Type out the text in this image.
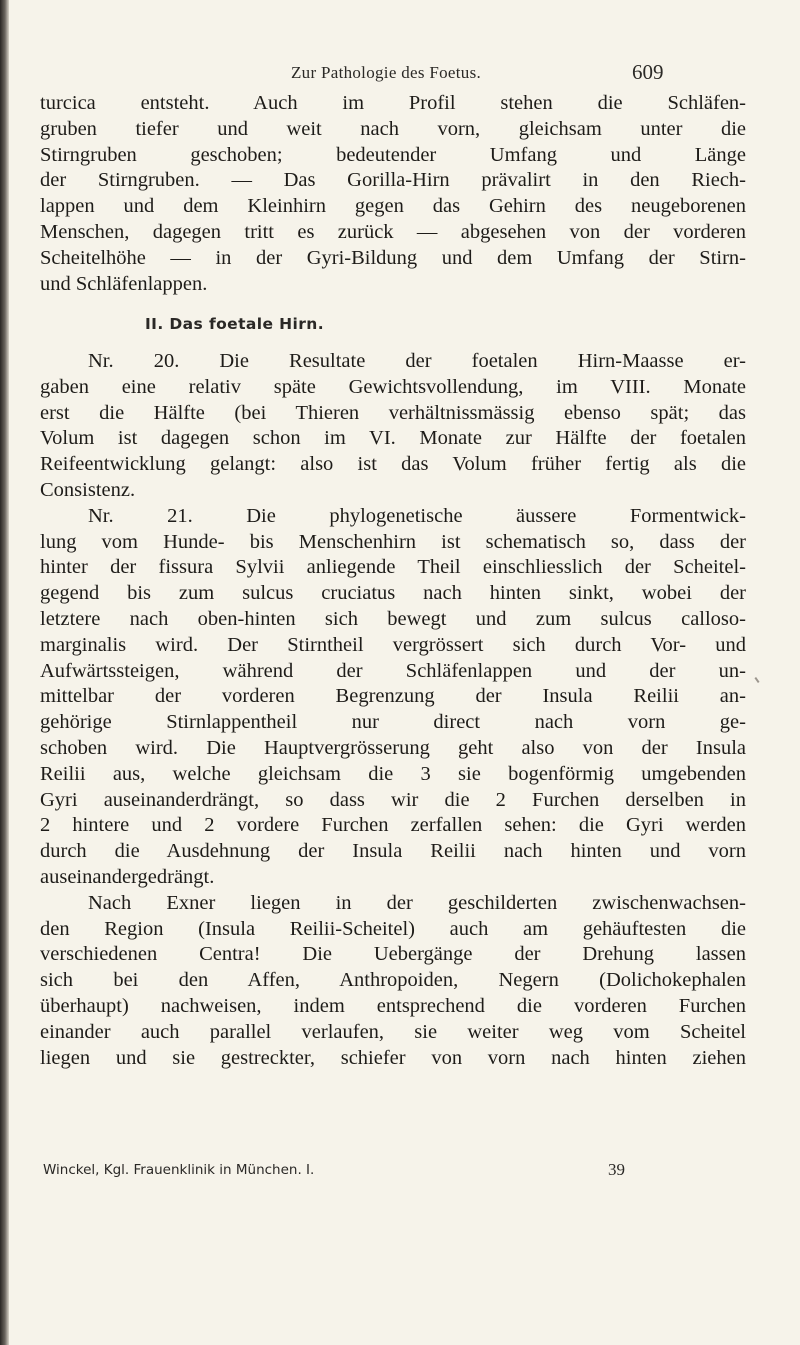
Zur Pathologie des Foetus.	609
turcica entsteht. Auch im Profil stehen die Schläfen-
gruben tiefer und weit nach vorn, gleichsam unter die
Stirngruben geschoben; bedeutender Umfang und Länge
der Stirngruben. — Das Gorilla-Hirn prävalirt in den Riech-
lappen und dem Kleinhirn gegen das Gehirn des neugeborenen
Menschen, dagegen tritt es zurück — abgesehen von der vorderen
Scheitelhöhe — in der Gyri-Bildung und dem Umfang der Stirn-
und Schläfenlappen.
II. Das foetale Hirn.
Nr. 20. Die Resultate der foetalen Hirn-Maasse er-
gaben eine relativ späte Gewichtsvollendung, im VIII. Monate
erst die Hälfte (bei Thieren verhältnissmässig ebenso spät; das
Volum ist dagegen schon im VI. Monate zur Hälfte der foetalen
Reifeentwicklung gelangt: also ist das Volum früher fertig als die
Consistenz.
Nr. 21. Die phylogenetische äussere Formentwick-
lung vom Hunde- bis Menschenhirn ist schematisch so, dass der
hinter der fissura Sylvii anliegende Theil einschliesslich der Scheitel-
gegend bis zum sulcus cruciatus nach hinten sinkt, wobei der
letztere nach oben-hinten sich bewegt und zum sulcus calloso-
marginalis wird. Der Stirntheil vergrössert sich durch Vor- und
Aufwärtssteigen, während der Schläfenlappen und der un-
mittelbar der vorderen Begrenzung der Insula Reilii an-
gehörige Stirnlappentheil nur direct nach vorn ge-
schoben wird. Die Hauptvergrösserung geht also von der Insula
Reilii aus, welche gleichsam die 3 sie bogenförmig umgebenden
Gyri auseinanderdrängt, so dass wir die 2 Furchen derselben in
2 hintere und 2 vordere Furchen zerfallen sehen: die Gyri werden
durch die Ausdehnung der Insula Reilii nach hinten und vorn
auseinandergedrängt.
Nach Exner liegen in der geschilderten zwischenwachsen-
den Region (Insula Reilii-Scheitel) auch am gehäuftesten die
verschiedenen Centra! Die Uebergänge der Drehung lassen
sich bei den Affen, Anthropoiden, Negern (Dolichokephalen
überhaupt) nachweisen, indem entsprechend die vorderen Furchen
einander auch parallel verlaufen, sie weiter weg vom Scheitel
liegen und sie gestreckter, schiefer von vorn nach hinten ziehen
Winckel, Kgl. Frauenklinik in München. I.	39
